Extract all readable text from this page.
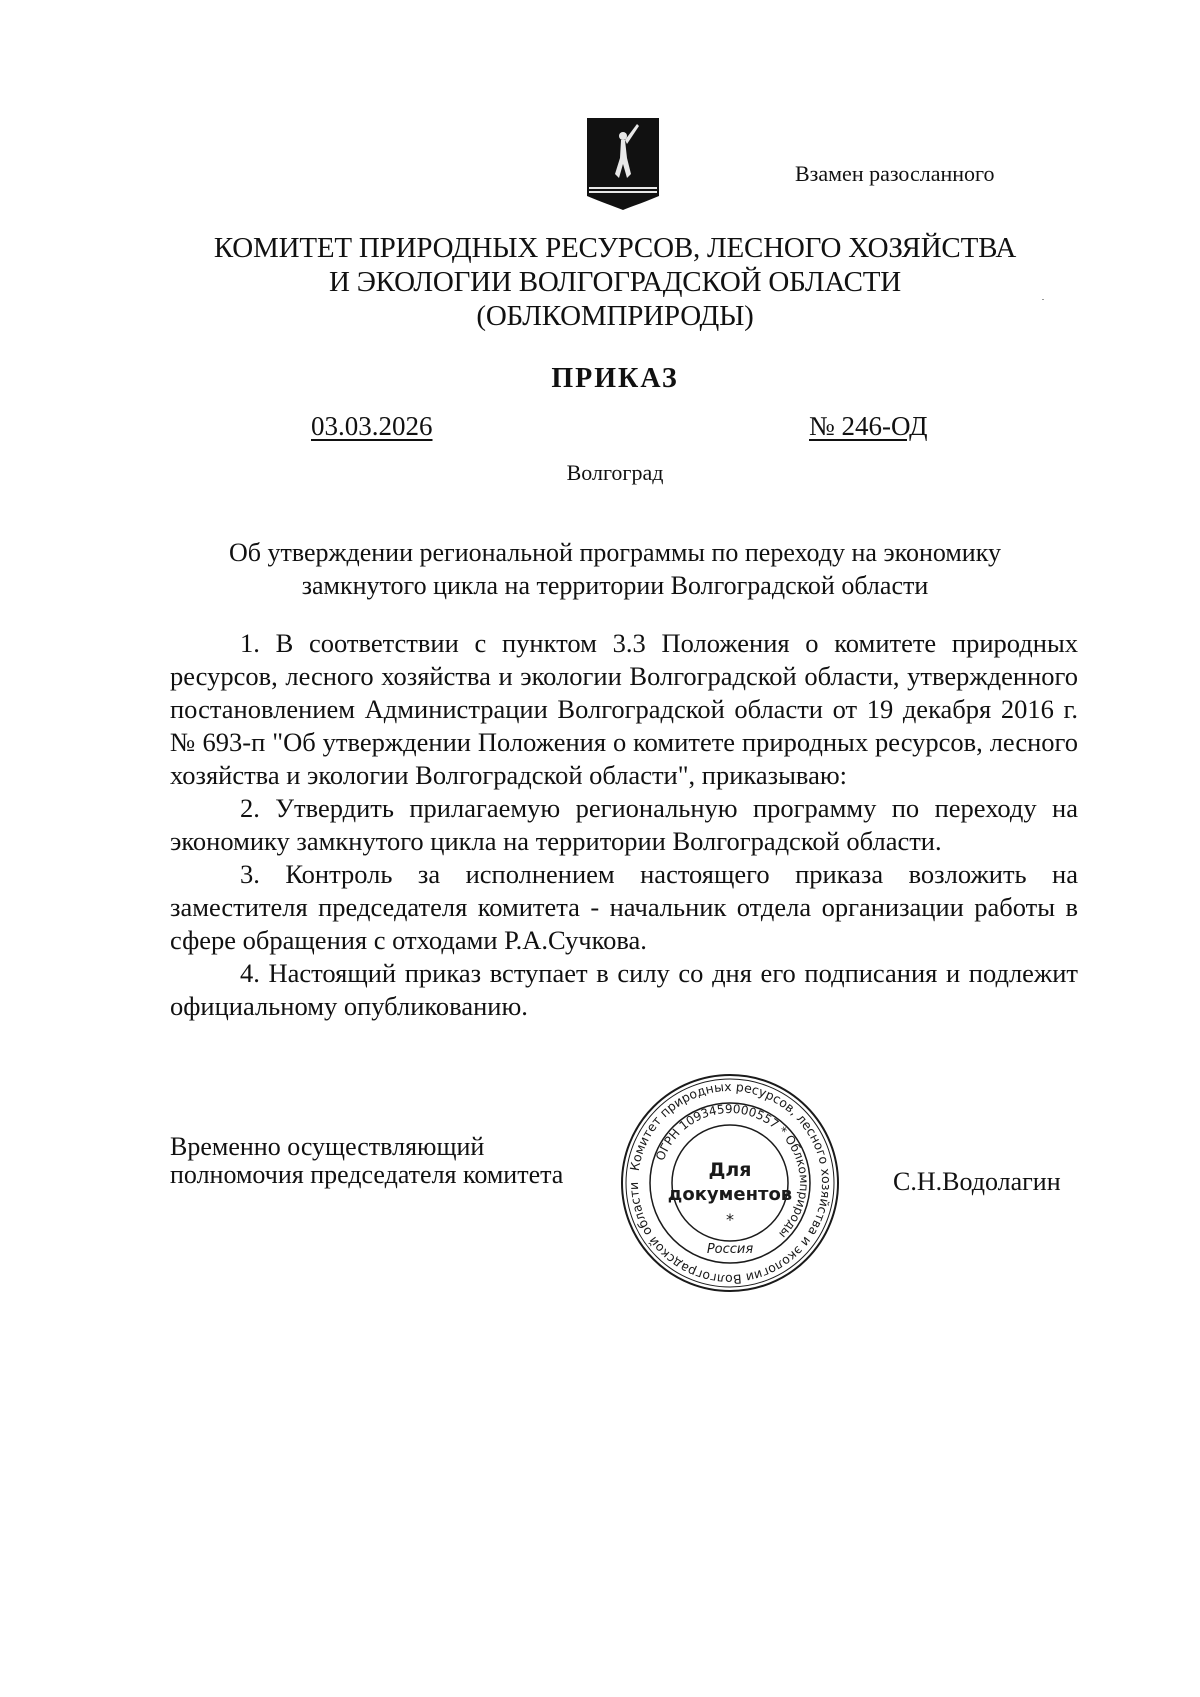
Взамен разосланного
КОМИТЕТ ПРИРОДНЫХ РЕСУРСОВ, ЛЕСНОГО ХОЗЯЙСТВА
И ЭКОЛОГИИ ВОЛГОГРАДСКОЙ ОБЛАСТИ
(ОБЛКОМПРИРОДЫ)
ПРИКАЗ
03.03.2026	№ 246-ОД
Волгоград
Об утверждении региональной программы по переходу на экономику
замкнутого цикла на территории Волгоградской области

1. В соответствии с пунктом 3.3 Положения о комитете природных ресурсов, лесного хозяйства и экологии Волгоградской области, утвержденного постановлением Администрации Волгоградской области от 19 декабря 2016 г. № 693-п "Об утверждении Положения о комитете природных ресурсов, лесного хозяйства и экологии Волгоградской области", приказываю:

2. Утвердить прилагаемую региональную программу по переходу на экономику замкнутого цикла на территории Волгоградской области.

3. Контроль за исполнением настоящего приказа возложить на заместителя председателя комитета - начальник отдела организации работы в сфере обращения с отходами Р.А.Сучкова.

4. Настоящий приказ вступает в силу со дня его подписания и подлежит официальному опубликованию.

Временно осуществляющий
полномочия председателя комитета	С.Н.Водолагин
Комитет природных ресурсов, лесного хозяйства и экологии Волгоградской области
ОГРН 1093459000557 * Облкомприроды
Для
документов
*
Россия
